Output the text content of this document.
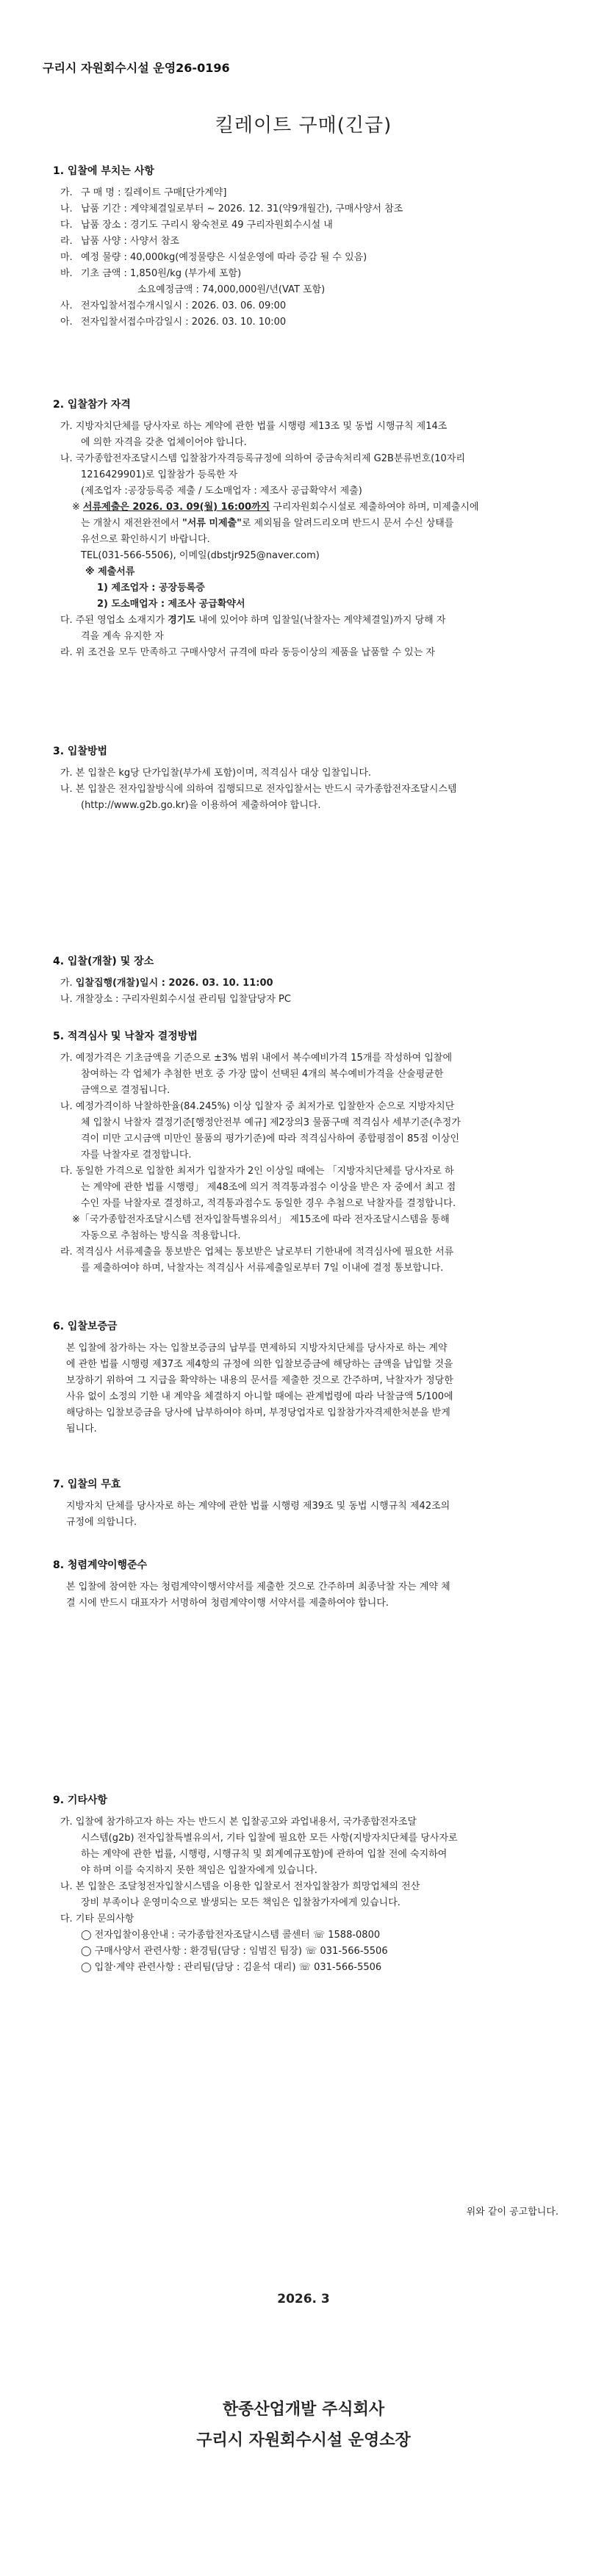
구리시 자원회수시설 운영26-0196
킬레이트 구매(긴급)
1. 입찰에 부치는 사항
가. 구 매 명 : 킬레이트 구매[단가계약]
나. 납품 기간 : 계약체결일로부터 ~ 2026. 12. 31(약9개월간), 구매사양서 참조
다. 납품 장소 : 경기도 구리시 왕숙천로 49 구리자원회수시설 내
라. 납품 사양 : 사양서 참조
마. 예정 물량 : 40,000kg(예정물량은 시설운영에 따라 증감 될 수 있음)
바. 기초 금액 : 1,850원/kg (부가세 포함)
소요예정금액 : 74,000,000원/년(VAT 포함)
사. 전자입찰서접수개시일시 : 2026. 03. 06. 09:00
아. 전자입찰서접수마감일시 : 2026. 03. 10. 10:00
2. 입찰참가 자격
가. 지방자치단체를 당사자로 하는 계약에 관한 법률 시행령 제13조 및 동법 시행규칙 제14조
에 의한 자격을 갖춘 업체이어야 합니다.
나. 국가종합전자조달시스템 입찰참가자격등록규정에 의하여 중금속처리제 G2B분류번호(10자리
1216429901)로 입찰참가 등록한 자
(제조업자 :공장등록증 제출 / 도소매업자 : 제조사 공급확약서 제출)
※ 서류제출은 2026. 03. 09(월) 16:00까지 구리자원회수시설로 제출하여야 하며, 미제출시에
는 개찰시 재전완전에서 "서류 미제출"로 제외됨을 알려드리오며 반드시 문서 수신 상태를
유선으로 확인하시기 바랍니다.
TEL(031-566-5506), 이메일(dbstjr925@naver.com)
※ 제출서류
1) 제조업자 : 공장등록증
2) 도소매업자 : 제조사 공급확약서
다. 주된 영업소 소재지가 경기도 내에 있어야 하며 입찰일(낙찰자는 계약체결일)까지 당해 자
격을 계속 유지한 자
라. 위 조건을 모두 만족하고 구매사양서 규격에 따라 동등이상의 제품을 납품할 수 있는 자
3. 입찰방법
가. 본 입찰은 kg당 단가입찰(부가세 포함)이며, 적격심사 대상 입찰입니다.
나. 본 입찰은 전자입찰방식에 의하여 집행되므로 전자입찰서는 반드시 국가종합전자조달시스템
(http://www.g2b.go.kr)을 이용하여 제출하여야 합니다.
4. 입찰(개찰) 및 장소
가. 입찰집행(개찰)일시 : 2026. 03. 10. 11:00
나. 개찰장소 : 구리자원회수시설 관리팀 입찰담당자 PC
5. 적격심사 및 낙찰자 결정방법
가. 예정가격은 기초금액을 기준으로 ±3% 범위 내에서 복수예비가격 15개를 작성하여 입찰에
참여하는 각 업체가 추첨한 번호 중 가장 많이 선택된 4개의 복수예비가격을 산술평균한
금액으로 결정됩니다.
나. 예정가격이하 낙찰하한율(84.245%) 이상 입찰자 중 최저가로 입찰한자 순으로 지방자치단
체 입찰시 낙찰자 결정기준[행정안전부 예규] 제2장의3 물품구매 적격심사 세부기준(추정가
격이 미만 고시금액 미만인 물품의 평가기준)에 따라 적격심사하여 종합평점이 85점 이상인
자를 낙찰자로 결정합니다.
다. 동일한 가격으로 입찰한 최저가 입찰자가 2인 이상일 때에는 「지방자치단체를 당사자로 하
는 계약에 관한 법률 시행령」 제48조에 의거 적격통과점수 이상을 받은 자 중에서 최고 점
수인 자를 낙찰자로 결정하고, 적격통과점수도 동일한 경우 추첨으로 낙찰자를 결정합니다.
※「국가종합전자조달시스템 전자입찰특별유의서」 제15조에 따라 전자조달시스템을 통해
자동으로 추첨하는 방식을 적용합니다.
라. 적격심사 서류제출을 통보받은 업체는 통보받은 날로부터 기한내에 적격심사에 필요한 서류
를 제출하여야 하며, 낙찰자는 적격심사 서류제출일로부터 7일 이내에 결정 통보합니다.
6. 입찰보증금
본 입찰에 참가하는 자는 입찰보증금의 납부를 면제하되 지방자치단체를 당사자로 하는 계약
에 관한 법률 시행령 제37조 제4항의 규정에 의한 입찰보증금에 해당하는 금액을 납입할 것을
보장하기 위하여 그 지급을 확약하는 내용의 문서를 제출한 것으로 간주하며, 낙찰자가 정당한
사유 없이 소정의 기한 내 계약을 체결하지 아니할 때에는 관계법령에 따라 낙찰금액 5/100에
해당하는 입찰보증금을 당사에 납부하여야 하며, 부정당업자로 입찰참가자격제한처분을 받게
됩니다.
7. 입찰의 무효
지방자치 단체를 당사자로 하는 계약에 관한 법률 시행령 제39조 및 동법 시행규칙 제42조의
규정에 의합니다.
8. 청렴계약이행준수
본 입찰에 참여한 자는 청렴계약이행서약서를 제출한 것으로 간주하며 최종낙찰 자는 계약 체
결 시에 반드시 대표자가 서명하여 청렴계약이행 서약서를 제출하여야 합니다.
9. 기타사항
가. 입찰에 참가하고자 하는 자는 반드시 본 입찰공고와 과업내용서, 국가종합전자조달
시스템(g2b) 전자입찰특별유의서, 기타 입찰에 필요한 모든 사항(지방자치단체를 당사자로
하는 계약에 관한 법률, 시행령, 시행규칙 및 회계예규포함)에 관하여 입찰 전에 숙지하여
야 하며 이를 숙지하지 못한 책임은 입찰자에게 있습니다.
나. 본 입찰은 조달청전자입찰시스템을 이용한 입찰로서 전자입찰참가 희망업체의 전산
장비 부족이나 운영미숙으로 발생되는 모든 책임은 입찰참가자에게 있습니다.
다. 기타 문의사항
◯ 전자입찰이용안내 : 국가종합전자조달시스템 콜센터 ☏ 1588-0800
◯ 구매사양서 관련사항 : 환경팀(담당 : 임범진 팀장) ☏ 031-566-5506
◯ 입찰·계약 관련사항 : 관리팀(담당 : 김윤석 대리) ☏ 031-566-5506
위와 같이 공고합니다.
2026. 3
한종산업개발 주식회사
구리시 자원회수시설 운영소장
